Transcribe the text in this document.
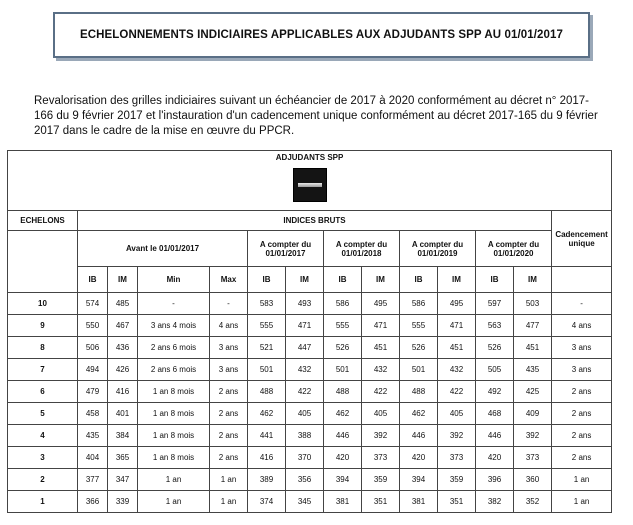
ECHELONNEMENTS INDICIAIRES APPLICABLES AUX ADJUDANTS SPP AU 01/01/2017

Revalorisation des grilles indiciaires suivant un échéancier de 2017 à 2020 conformément au décret n° 2017-166 du 9 février 2017 et l'instauration d'un cadencement unique conformément au décret 2017-165 du 9 février 2017 dans le cadre de la mise en œuvre du PPCR.

ADJUDANTS SPP													

ECHELONS	INDICES BRUTS												Cadencement unique
	Avant le 01/01/2017				A compter du 01/01/2017		A compter du 01/01/2018		A compter du 01/01/2019		A compter du 01/01/2020		
	IB	IM	Min	Max	IB	IM	IB	IM	IB	IM	IB	IM	
10	574	485	-	-	583	493	586	495	586	495	597	503	-
9	550	467	3 ans 4 mois	4 ans	555	471	555	471	555	471	563	477	4 ans
8	506	436	2 ans 6 mois	3 ans	521	447	526	451	526	451	526	451	3 ans
7	494	426	2 ans 6 mois	3 ans	501	432	501	432	501	432	505	435	3 ans
6	479	416	1 an 8 mois	2 ans	488	422	488	422	488	422	492	425	2 ans
5	458	401	1 an 8 mois	2 ans	462	405	462	405	462	405	468	409	2 ans
4	435	384	1 an 8 mois	2 ans	441	388	446	392	446	392	446	392	2 ans
3	404	365	1 an 8 mois	2 ans	416	370	420	373	420	373	420	373	2 ans
2	377	347	1 an	1 an	389	356	394	359	394	359	396	360	1 an
1	366	339	1 an	1 an	374	345	381	351	381	351	382	352	1 an
